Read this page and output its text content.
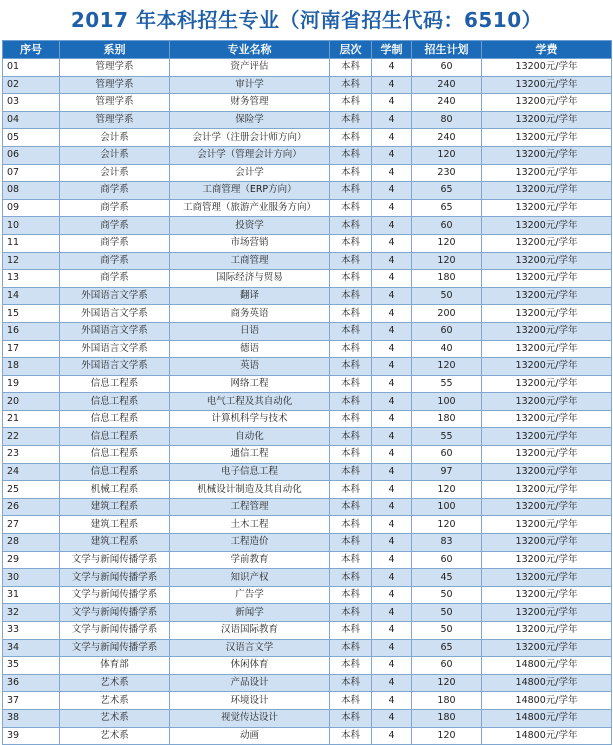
2017 年本科招生专业（河南省招生代码：6510）
序号	系别	专业名称	层次	学制	招生计划	学费
01	管理学系	资产评估	本科	4	60	13200元/学年
02	管理学系	审计学	本科	4	240	13200元/学年
03	管理学系	财务管理	本科	4	240	13200元/学年
04	管理学系	保险学	本科	4	80	13200元/学年
05	会计系	会计学（注册会计师方向）	本科	4	240	13200元/学年
06	会计系	会计学（管理会计方向）	本科	4	120	13200元/学年
07	会计系	会计学	本科	4	230	13200元/学年
08	商学系	工商管理（ERP方向）	本科	4	65	13200元/学年
09	商学系	工商管理（旅游产业服务方向）	本科	4	65	13200元/学年
10	商学系	投资学	本科	4	60	13200元/学年
11	商学系	市场营销	本科	4	120	13200元/学年
12	商学系	工商管理	本科	4	120	13200元/学年
13	商学系	国际经济与贸易	本科	4	180	13200元/学年
14	外国语言文学系	翻译	本科	4	50	13200元/学年
15	外国语言文学系	商务英语	本科	4	200	13200元/学年
16	外国语言文学系	日语	本科	4	60	13200元/学年
17	外国语言文学系	德语	本科	4	40	13200元/学年
18	外国语言文学系	英语	本科	4	120	13200元/学年
19	信息工程系	网络工程	本科	4	55	13200元/学年
20	信息工程系	电气工程及其自动化	本科	4	100	13200元/学年
21	信息工程系	计算机科学与技术	本科	4	180	13200元/学年
22	信息工程系	自动化	本科	4	55	13200元/学年
23	信息工程系	通信工程	本科	4	60	13200元/学年
24	信息工程系	电子信息工程	本科	4	97	13200元/学年
25	机械工程系	机械设计制造及其自动化	本科	4	120	13200元/学年
26	建筑工程系	工程管理	本科	4	100	13200元/学年
27	建筑工程系	土木工程	本科	4	120	13200元/学年
28	建筑工程系	工程造价	本科	4	83	13200元/学年
29	文学与新闻传播学系	学前教育	本科	4	60	13200元/学年
30	文学与新闻传播学系	知识产权	本科	4	45	13200元/学年
31	文学与新闻传播学系	广告学	本科	4	50	13200元/学年
32	文学与新闻传播学系	新闻学	本科	4	50	13200元/学年
33	文学与新闻传播学系	汉语国际教育	本科	4	50	13200元/学年
34	文学与新闻传播学系	汉语言文学	本科	4	65	13200元/学年
35	体育部	休闲体育	本科	4	60	14800元/学年
36	艺术系	产品设计	本科	4	120	14800元/学年
37	艺术系	环境设计	本科	4	180	14800元/学年
38	艺术系	视觉传达设计	本科	4	180	14800元/学年
39	艺术系	动画	本科	4	120	14800元/学年
